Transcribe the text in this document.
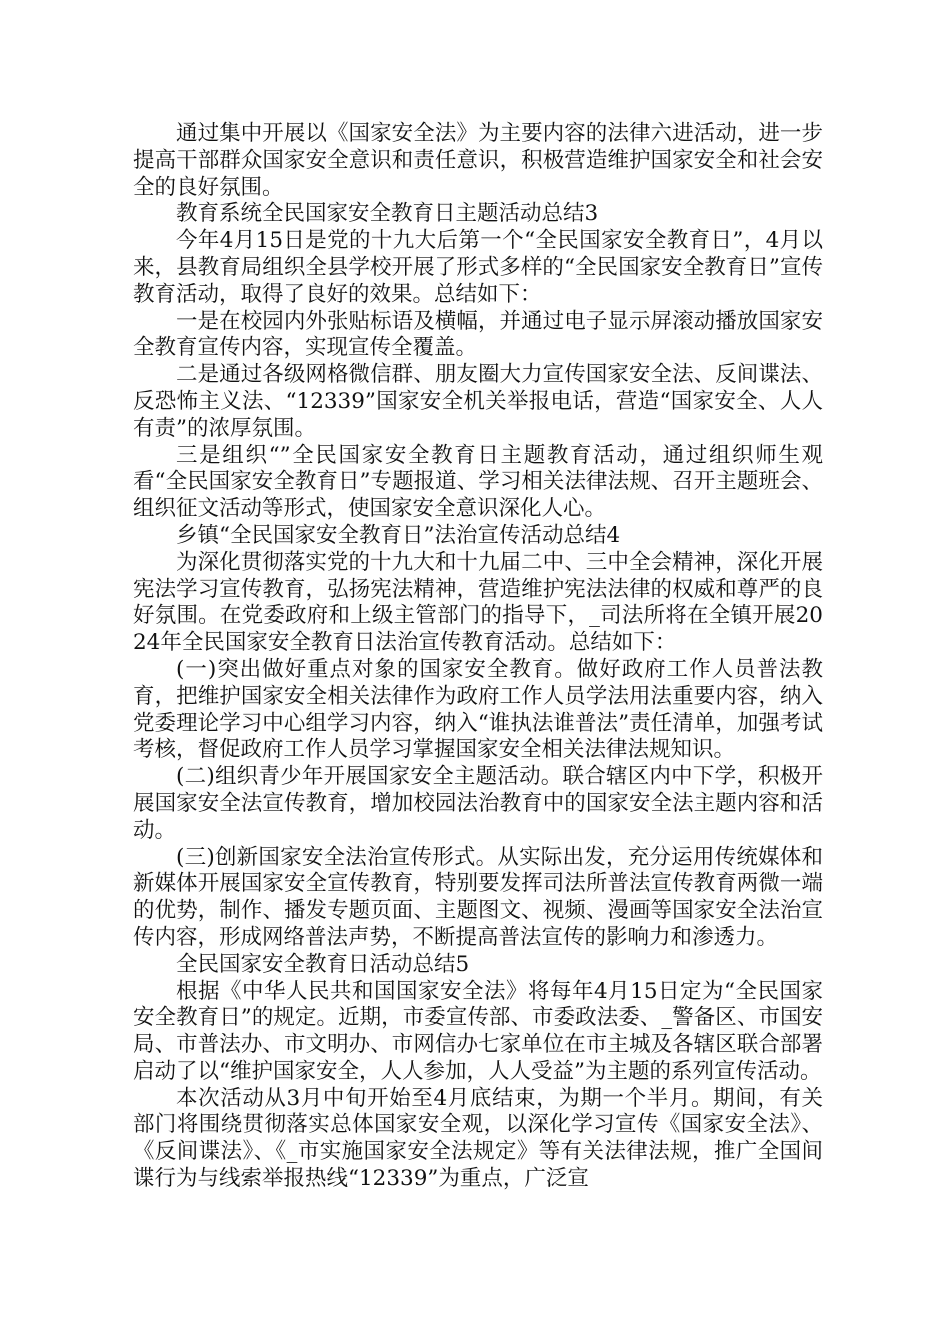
通过集中开展以《国家安全法》为主要内容的法律六进活动，进一步提高干部群众国家安全意识和责任意识，积极营造维护国家安全和社会安全的良好氛围。

教育系统全民国家安全教育日主题活动总结3

今年4月15日是党的十九大后第一个“全民国家安全教育日”，4月以来，县教育局组织全县学校开展了形式多样的“全民国家安全教育日”宣传教育活动，取得了良好的效果。总结如下：

一是在校园内外张贴标语及横幅，并通过电子显示屏滚动播放国家安全教育宣传内容，实现宣传全覆盖。

二是通过各级网格微信群、朋友圈大力宣传国家安全法、反间谍法、反恐怖主义法、“12339”国家安全机关举报电话，营造“国家安全、人人有责”的浓厚氛围。

三是组织“”全民国家安全教育日主题教育活动，通过组织师生观看“全民国家安全教育日”专题报道、学习相关法律法规、召开主题班会、组织征文活动等形式，使国家安全意识深化人心。

乡镇“全民国家安全教育日”法治宣传活动总结4

为深化贯彻落实党的十九大和十九届二中、三中全会精神，深化开展宪法学习宣传教育，弘扬宪法精神，营造维护宪法法律的权威和尊严的良好氛围。在党委政府和上级主管部门的指导下，_司法所将在全镇开展2024年全民国家安全教育日法治宣传教育活动。总结如下：

(一)突出做好重点对象的国家安全教育。做好政府工作人员普法教育，把维护国家安全相关法律作为政府工作人员学法用法重要内容，纳入党委理论学习中心组学习内容，纳入“谁执法谁普法”责任清单，加强考试考核，督促政府工作人员学习掌握国家安全相关法律法规知识。

(二)组织青少年开展国家安全主题活动。联合辖区内中下学，积极开展国家安全法宣传教育，增加校园法治教育中的国家安全法主题内容和活动。

(三)创新国家安全法治宣传形式。从实际出发，充分运用传统媒体和新媒体开展国家安全宣传教育，特别要发挥司法所普法宣传教育两微一端的优势，制作、播发专题页面、主题图文、视频、漫画等国家安全法治宣传内容，形成网络普法声势，不断提高普法宣传的影响力和渗透力。

全民国家安全教育日活动总结5

根据《中华人民共和国国家安全法》将每年4月15日定为“全民国家安全教育日”的规定。近期，市委宣传部、市委政法委、_警备区、市国安局、市普法办、市文明办、市网信办七家单位在市主城及各辖区联合部署启动了以“维护国家安全，人人参加，人人受益”为主题的系列宣传活动。

本次活动从3月中旬开始至4月底结束，为期一个半月。期间，有关部门将围绕贯彻落实总体国家安全观，以深化学习宣传《国家安全法》、《反间谍法》、《_市实施国家安全法规定》等有关法律法规，推广全国间谍行为与线索举报热线“12339”为重点，广泛宣
